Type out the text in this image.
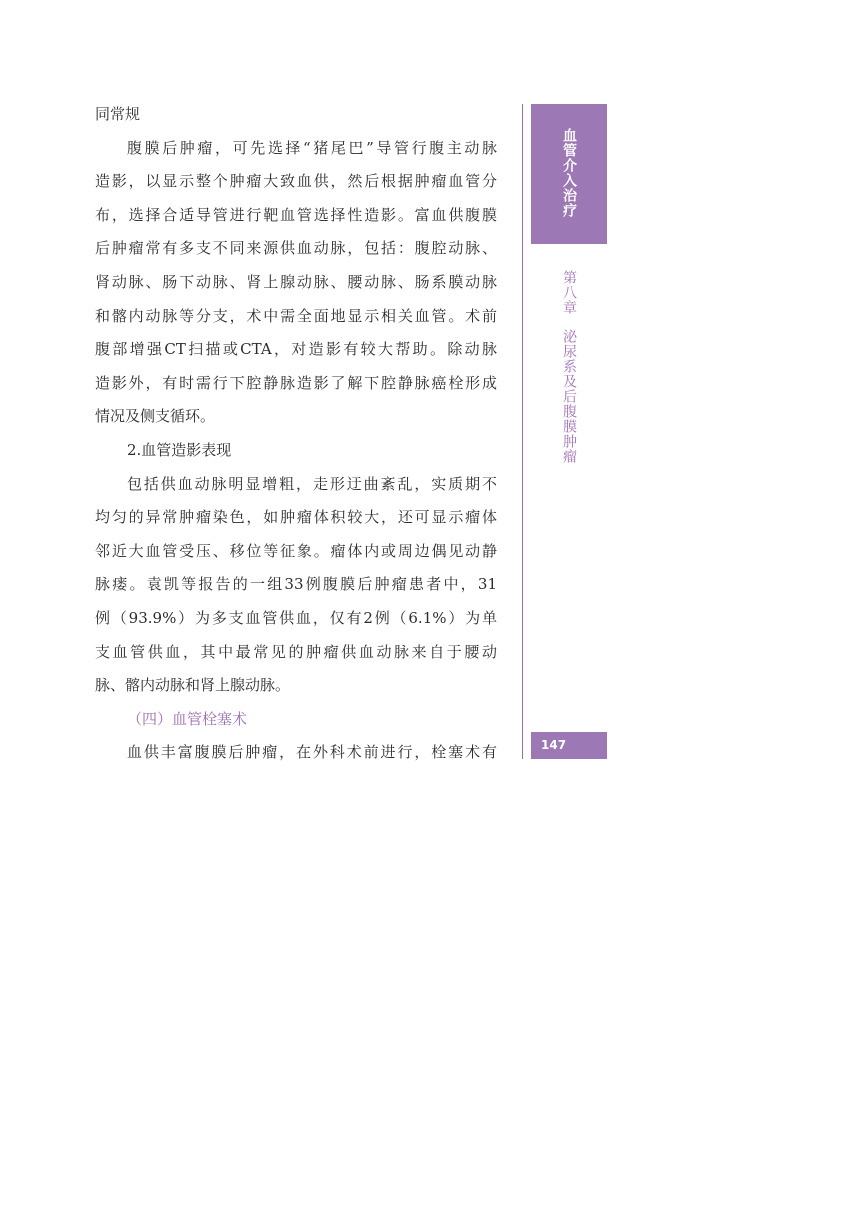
同常规
腹膜后肿瘤，可先选择“猪尾巴”导管行腹主动脉
造影，以显示整个肿瘤大致血供，然后根据肿瘤血管分
布，选择合适导管进行靶血管选择性造影。富血供腹膜
后肿瘤常有多支不同来源供血动脉，包括：腹腔动脉、
肾动脉、肠下动脉、肾上腺动脉、腰动脉、肠系膜动脉
和髂内动脉等分支，术中需全面地显示相关血管。术前
腹部增强CT扫描或CTA，对造影有较大帮助。除动脉
造影外，有时需行下腔静脉造影了解下腔静脉癌栓形成
情况及侧支循环。
2.血管造影表现
包括供血动脉明显增粗，走形迂曲紊乱，实质期不
均匀的异常肿瘤染色，如肿瘤体积较大，还可显示瘤体
邻近大血管受压、移位等征象。瘤体内或周边偶见动静
脉瘘。袁凯等报告的一组33例腹膜后肿瘤患者中，31
例（93.9%）为多支血管供血，仅有2例（6.1%）为单
支血管供血，其中最常见的肿瘤供血动脉来自于腰动
脉、髂内动脉和肾上腺动脉。
（四）血管栓塞术
血供丰富腹膜后肿瘤，在外科术前进行，栓塞术有
血管介入治疗
第八章泌尿系及后腹膜肿瘤
147
